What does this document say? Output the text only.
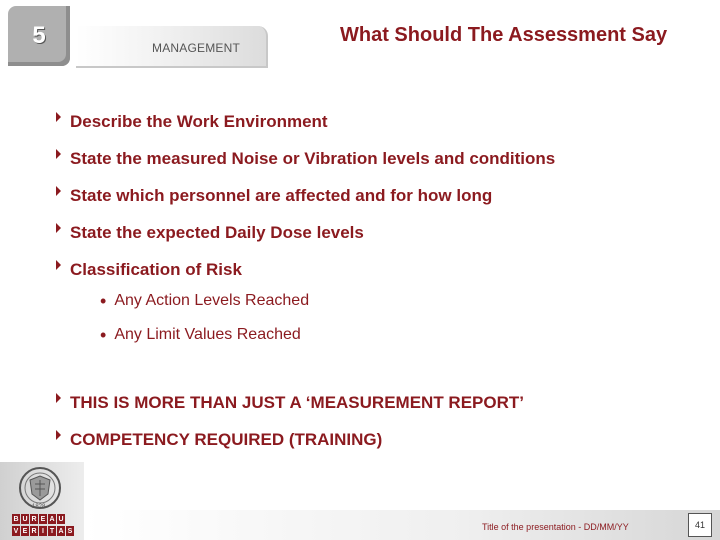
5	MANAGEMENT
What Should The Assessment Say
Describe the Work Environment
State the measured Noise or Vibration levels and conditions
State which personnel are affected and for how long
State the expected Daily Dose levels
Classification of Risk
• Any Action Levels Reached
• Any Limit Values Reached
THIS IS MORE THAN JUST A ‘MEASUREMENT REPORT’
COMPETENCY REQUIRED (TRAINING)
1828
B U R E A U
V E R I T A S	Title of the presentation - DD/MM/YY	41
